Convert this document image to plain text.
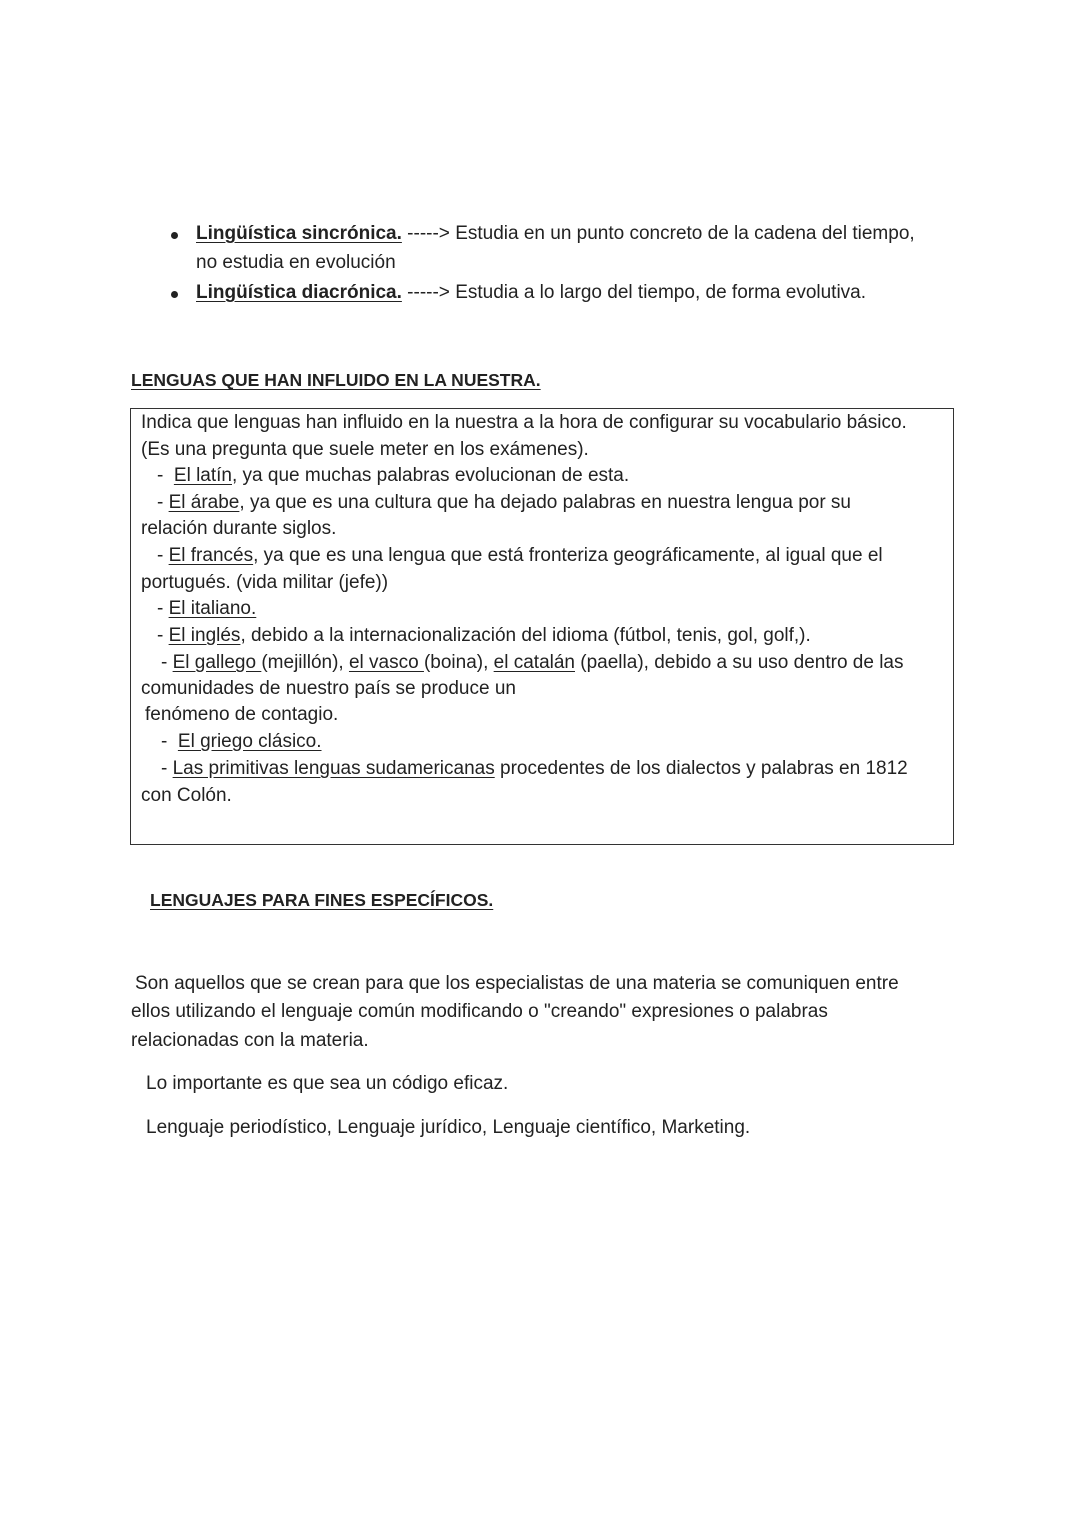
Lingüística sincrónica. -----> Estudia en un punto concreto de la cadena del tiempo,
no estudia en evolución
Lingüística diacrónica. -----> Estudia a lo largo del tiempo, de forma evolutiva.
LENGUAS QUE HAN INFLUIDO EN LA NUESTRA.
Indica que lenguas han influido en la nuestra a la hora de configurar su vocabulario básico.
(Es una pregunta que suele meter en los exámenes).
- El latín, ya que muchas palabras evolucionan de esta.
- El árabe, ya que es una cultura que ha dejado palabras en nuestra lengua por su
relación durante siglos.
- El francés, ya que es una lengua que está fronteriza geográficamente, al igual que el
portugués. (vida militar (jefe))
- El italiano.
- El inglés, debido a la internacionalización del idioma (fútbol, tenis, gol, golf,).
- El gallego (mejillón), el vasco (boina), el catalán (paella), debido a su uso dentro de las
comunidades de nuestro país se produce un
fenómeno de contagio.
- El griego clásico.
- Las primitivas lenguas sudamericanas procedentes de los dialectos y palabras en 1812
con Colón.
LENGUAJES PARA FINES ESPECÍFICOS.
Son aquellos que se crean para que los especialistas de una materia se comuniquen entre
ellos utilizando el lenguaje común modificando o "creando" expresiones o palabras
relacionadas con la materia.
Lo importante es que sea un código eficaz.
Lenguaje periodístico, Lenguaje jurídico, Lenguaje científico, Marketing.
